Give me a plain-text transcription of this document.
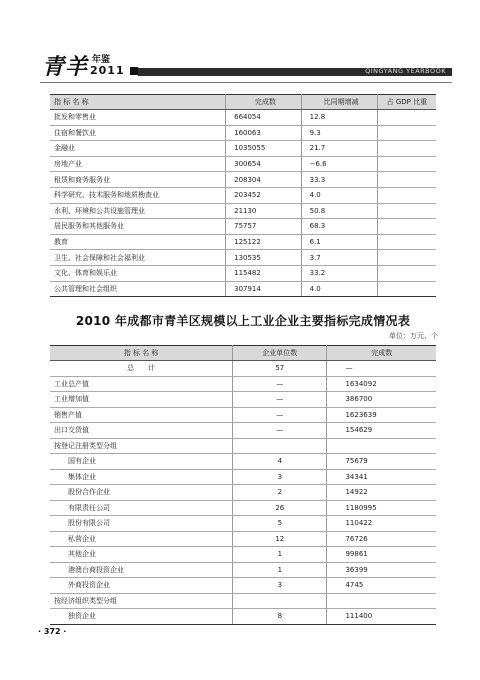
青羊 年鉴
2011	QINGYANG YEARBOOK
指 标 名 称	完成数	比同期增减	占 GDP 比重
批发和零售业	664054	12.8	
住宿和餐饮业	160063	9.3	
金融业	1035055	21.7	
房地产业	300654	−6.6	
租赁和商务服务业	208304	33.3	
科学研究、技术服务和地质勘查业	203452	4.0	
水利、环境和公共设施管理业	21130	50.8	
居民服务和其他服务业	75757	68.3	
教育	125122	6.1	
卫生、社会保障和社会福利业	130535	3.7	
文化、体育和娱乐业	115482	33.2	
公共管理和社会组织	307914	4.0	
2010 年成都市青羊区规模以上工业企业主要指标完成情况表
单位：万元、个
指 标 名 称	企业单位数	完成数
总　　计	57	—
工业总产值	—	1634092
工业增加值	—	386700
销售产值	—	1623639
出口交货值	—	154629
按登记注册类型分组		
国有企业	4	75679
集体企业	3	34341
股份合作企业	2	14922
有限责任公司	26	1180995
股份有限公司	5	110422
私营企业	12	76726
其他企业	1	99861
港澳台商投资企业	1	36399
外商投资企业	3	4745
按经济组织类型分组		
独资企业	8	111400
· 372 ·
